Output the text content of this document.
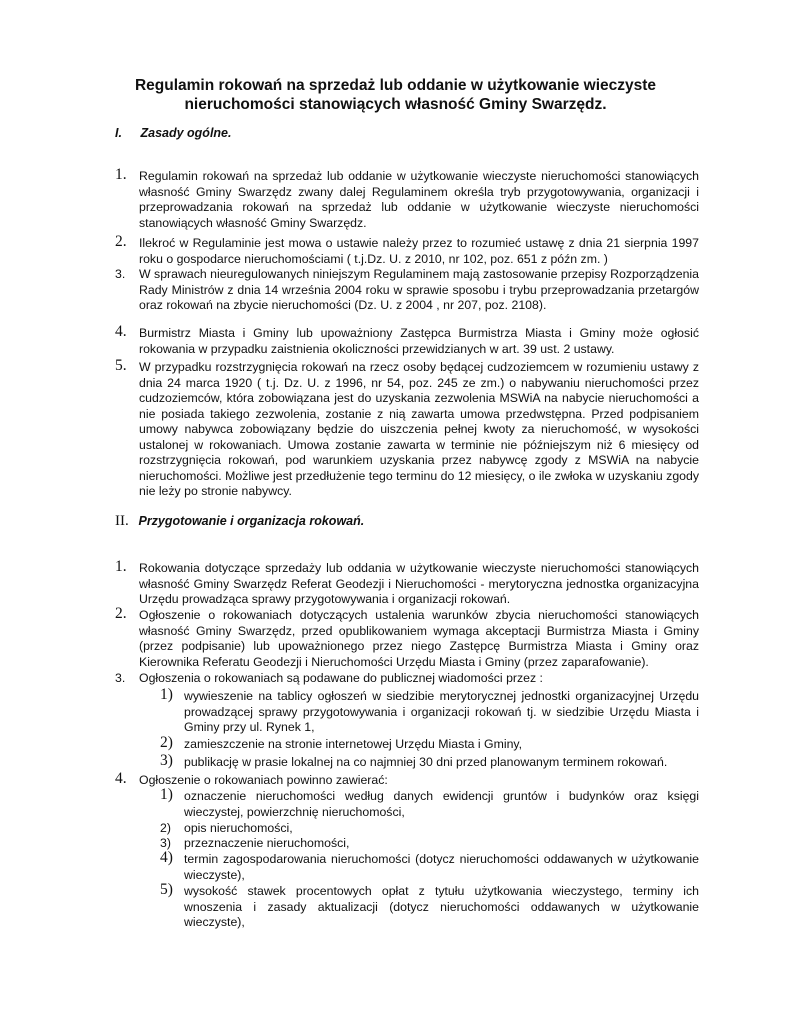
Regulamin rokowań na sprzedaż lub oddanie w użytkowanie wieczyste
nieruchomości stanowiących własność Gminy Swarzędz.
I. Zasady ogólne.
1. Regulamin rokowań na sprzedaż lub oddanie w użytkowanie wieczyste nieruchomości stanowiących własność Gminy Swarzędz zwany dalej Regulaminem określa tryb przygotowywania, organizacji i przeprowadzania rokowań na sprzedaż lub oddanie w użytkowanie wieczyste nieruchomości stanowiących własność Gminy Swarzędz.
2. Ilekroć w Regulaminie jest mowa o ustawie należy przez to rozumieć ustawę z dnia 21 sierpnia 1997 roku o gospodarce nieruchomościami ( t.j.Dz. U. z 2010, nr 102, poz. 651 z późn zm. )
3. W sprawach nieuregulowanych niniejszym Regulaminem mają zastosowanie przepisy Rozporządzenia Rady Ministrów z dnia 14 września 2004 roku w sprawie sposobu i trybu przeprowadzania przetargów oraz rokowań na zbycie nieruchomości (Dz. U. z 2004 , nr 207, poz. 2108).
4. Burmistrz Miasta i Gminy lub upoważniony Zastępca Burmistrza Miasta i Gminy może ogłosić rokowania w przypadku zaistnienia okoliczności przewidzianych w art. 39 ust. 2 ustawy.
5. W przypadku rozstrzygnięcia rokowań na rzecz osoby będącej cudzoziemcem w rozumieniu ustawy z dnia 24 marca 1920 ( t.j. Dz. U. z 1996, nr 54, poz. 245 ze zm.) o nabywaniu nieruchomości przez cudzoziemców, która zobowiązana jest do uzyskania zezwolenia MSWiA na nabycie nieruchomości a nie posiada takiego zezwolenia, zostanie z nią zawarta umowa przedwstępna. Przed podpisaniem umowy nabywca zobowiązany będzie do uiszczenia pełnej kwoty za nieruchomość, w wysokości ustalonej w rokowaniach. Umowa zostanie zawarta w terminie nie późniejszym niż 6 miesięcy od rozstrzygnięcia rokowań, pod warunkiem uzyskania przez nabywcę zgody z MSWiA na nabycie nieruchomości. Możliwe jest przedłużenie tego terminu do 12 miesięcy, o ile zwłoka w uzyskaniu zgody nie leży po stronie nabywcy.
II. Przygotowanie i organizacja rokowań.
1. Rokowania dotyczące sprzedaży lub oddania w użytkowanie wieczyste nieruchomości stanowiących własność Gminy Swarzędz Referat Geodezji i Nieruchomości - merytoryczna jednostka organizacyjna Urzędu prowadząca sprawy przygotowywania i organizacji rokowań.
2. Ogłoszenie o rokowaniach dotyczących ustalenia warunków zbycia nieruchomości stanowiących własność Gminy Swarzędz, przed opublikowaniem wymaga akceptacji Burmistrza Miasta i Gminy (przez podpisanie) lub upoważnionego przez niego Zastępcę Burmistrza Miasta i Gminy oraz Kierownika Referatu Geodezji i Nieruchomości Urzędu Miasta i Gminy (przez zaparafowanie).
3. Ogłoszenia o rokowaniach są podawane do publicznej wiadomości przez :
1) wywieszenie na tablicy ogłoszeń w siedzibie merytorycznej jednostki organizacyjnej Urzędu prowadzącej sprawy przygotowywania i organizacji rokowań tj. w siedzibie Urzędu Miasta i Gminy przy ul. Rynek 1,
2) zamieszczenie na stronie internetowej Urzędu Miasta i Gminy,
3) publikację w prasie lokalnej na co najmniej 30 dni przed planowanym terminem rokowań.
4. Ogłoszenie o rokowaniach powinno zawierać:
1) oznaczenie nieruchomości według danych ewidencji gruntów i budynków oraz księgi wieczystej, powierzchnię nieruchomości,
2) opis nieruchomości,
3) przeznaczenie nieruchomości,
4) termin zagospodarowania nieruchomości (dotycz nieruchomości oddawanych w użytkowanie wieczyste),
5) wysokość stawek procentowych opłat z tytułu użytkowania wieczystego, terminy ich wnoszenia i zasady aktualizacji (dotycz nieruchomości oddawanych w użytkowanie wieczyste),
